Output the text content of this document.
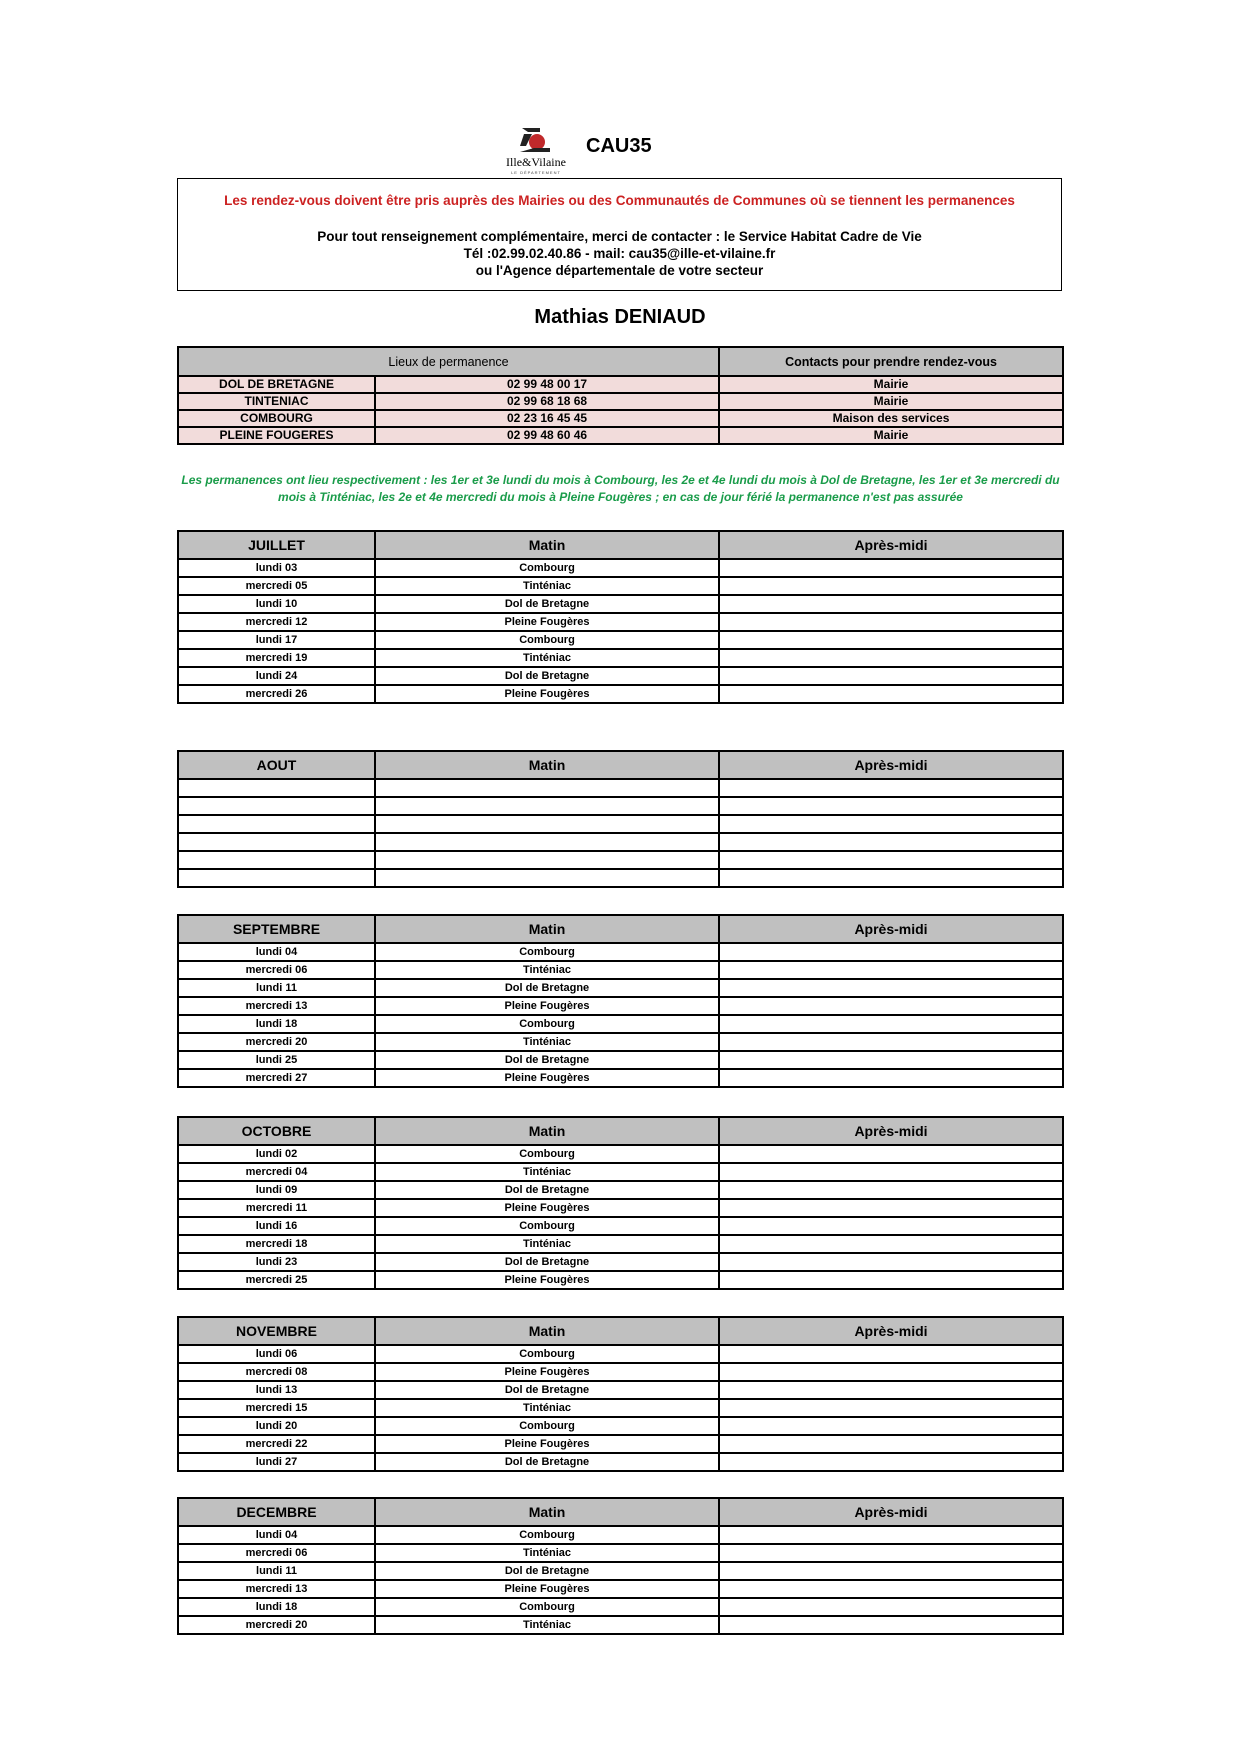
Ille&Vilaine
LE DÉPARTEMENT
CAU35
Les rendez-vous doivent être pris auprès des Mairies ou des Communautés de Communes où se tiennent les permanences
Pour tout renseignement complémentaire, merci de contacter : le Service Habitat Cadre de Vie
Tél :02.99.02.40.86 - mail: cau35@ille-et-vilaine.fr
ou l'Agence départementale de votre secteur
Mathias DENIAUD
Lieux de permanence		Contacts pour prendre rendez-vous
DOL DE BRETAGNE	02 99 48 00 17	Mairie
TINTENIAC	02 99 68 18 68	Mairie
COMBOURG	02 23 16 45 45	Maison des services
PLEINE FOUGERES	02 99 48 60 46	Mairie
Les permanences ont lieu respectivement : les 1er et 3e lundi du mois à Combourg, les 2e et 4e lundi du mois à Dol de Bretagne, les 1er et 3e mercredi du mois à Tinténiac, les 2e et 4e mercredi du mois à Pleine Fougères ; en cas de jour férié la permanence n'est pas assurée
JUILLET	Matin	Après-midi
lundi 03	Combourg	
mercredi 05	Tinténiac	
lundi 10	Dol de Bretagne	
mercredi 12	Pleine Fougères	
lundi 17	Combourg	
mercredi 19	Tinténiac	
lundi 24	Dol de Bretagne	
mercredi 26	Pleine Fougères	
AOUT	Matin	Après-midi

SEPTEMBRE	Matin	Après-midi
lundi 04	Combourg	
mercredi 06	Tinténiac	
lundi 11	Dol de Bretagne	
mercredi 13	Pleine Fougères	
lundi 18	Combourg	
mercredi 20	Tinténiac	
lundi 25	Dol de Bretagne	
mercredi 27	Pleine Fougères	
OCTOBRE	Matin	Après-midi
lundi 02	Combourg	
mercredi 04	Tinténiac	
lundi 09	Dol de Bretagne	
mercredi 11	Pleine Fougères	
lundi 16	Combourg	
mercredi 18	Tinténiac	
lundi 23	Dol de Bretagne	
mercredi 25	Pleine Fougères	
NOVEMBRE	Matin	Après-midi
lundi 06	Combourg	
mercredi 08	Pleine Fougères	
lundi 13	Dol de Bretagne	
mercredi 15	Tinténiac	
lundi 20	Combourg	
mercredi 22	Pleine Fougères	
lundi 27	Dol de Bretagne	
DECEMBRE	Matin	Après-midi
lundi 04	Combourg	
mercredi 06	Tinténiac	
lundi 11	Dol de Bretagne	
mercredi 13	Pleine Fougères	
lundi 18	Combourg	
mercredi 20	Tinténiac	
